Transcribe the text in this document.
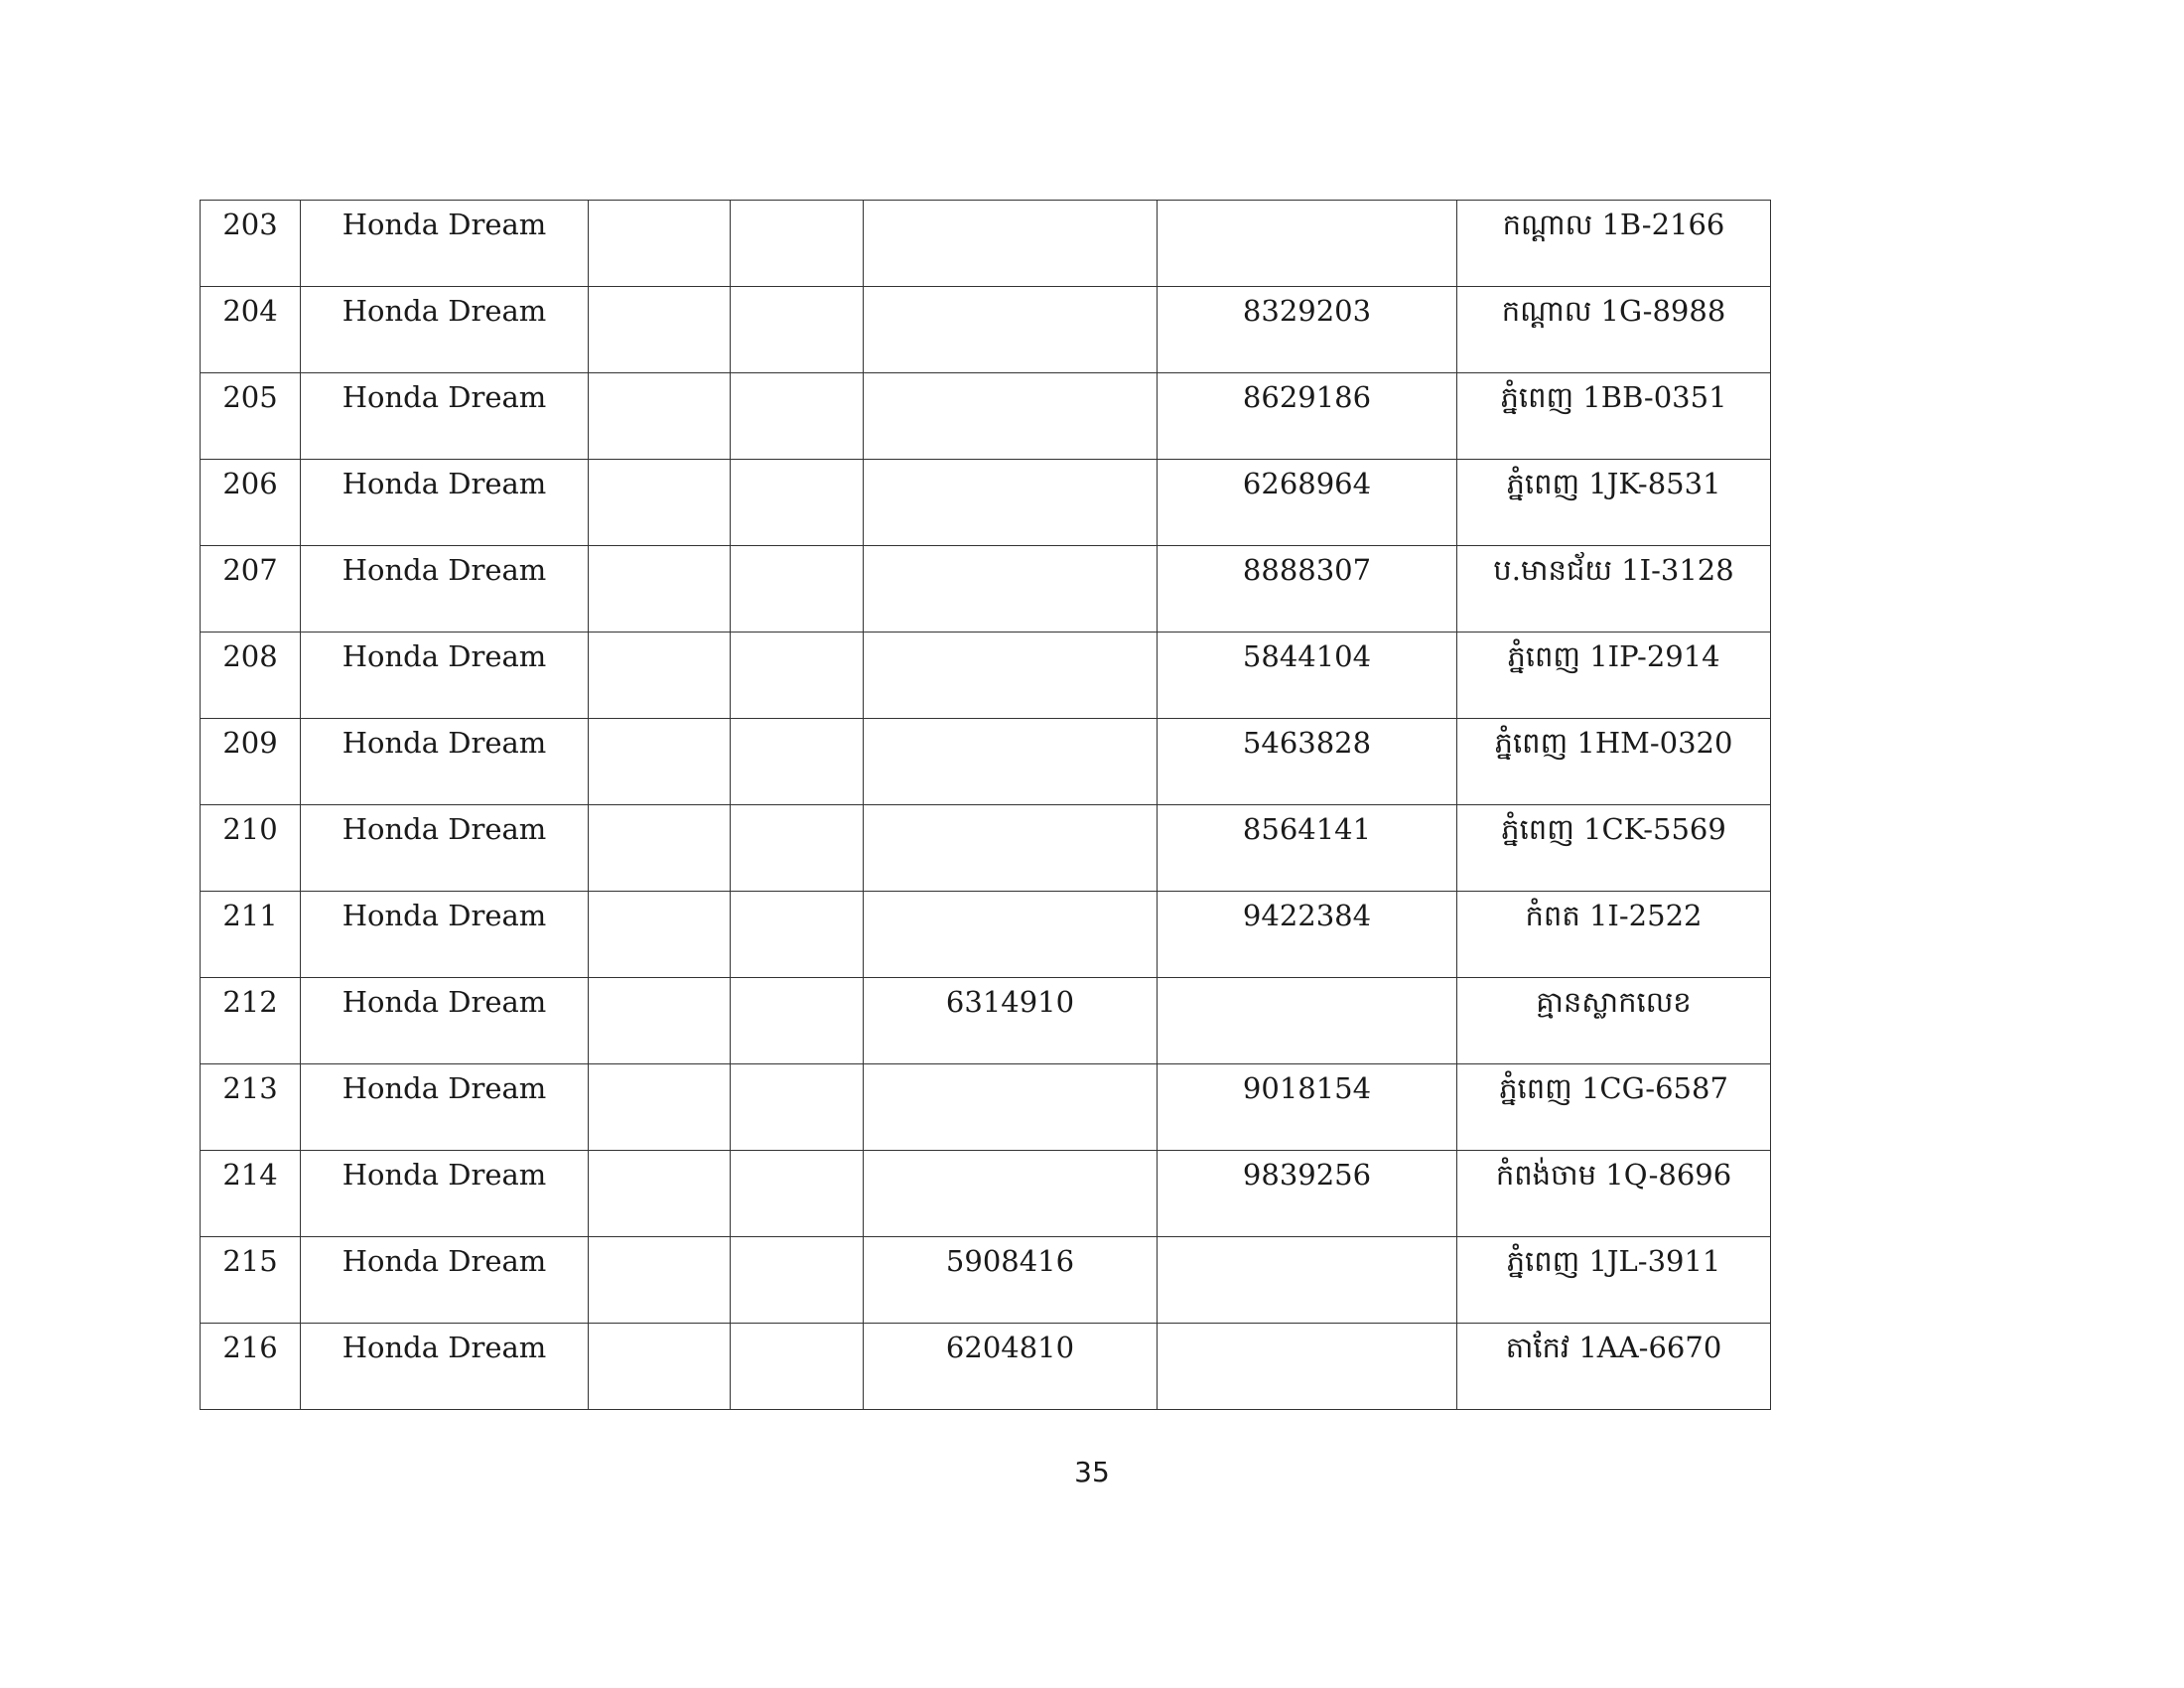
203	Honda Dream					កណ្ដាល 1B-2166

204	Honda Dream				8329203	កណ្ដាល 1G-8988

205	Honda Dream				8629186	ភ្នំពេញ 1BB-0351

206	Honda Dream				6268964	ភ្នំពេញ 1JK-8531

207	Honda Dream				8888307	ប.មានជ័យ 1I-3128

208	Honda Dream				5844104	ភ្នំពេញ 1IP-2914

209	Honda Dream				5463828	ភ្នំពេញ 1HM-0320

210	Honda Dream				8564141	ភ្នំពេញ 1CK-5569

211	Honda Dream				9422384	កំពត 1I-2522

212	Honda Dream			6314910		គ្មានស្លាកលេខ

213	Honda Dream				9018154	ភ្នំពេញ 1CG-6587

214	Honda Dream				9839256	កំពង់ចាម 1Q-8696

215	Honda Dream			5908416		ភ្នំពេញ 1JL-3911

216	Honda Dream			6204810		តាកែវ 1AA-6670
35
